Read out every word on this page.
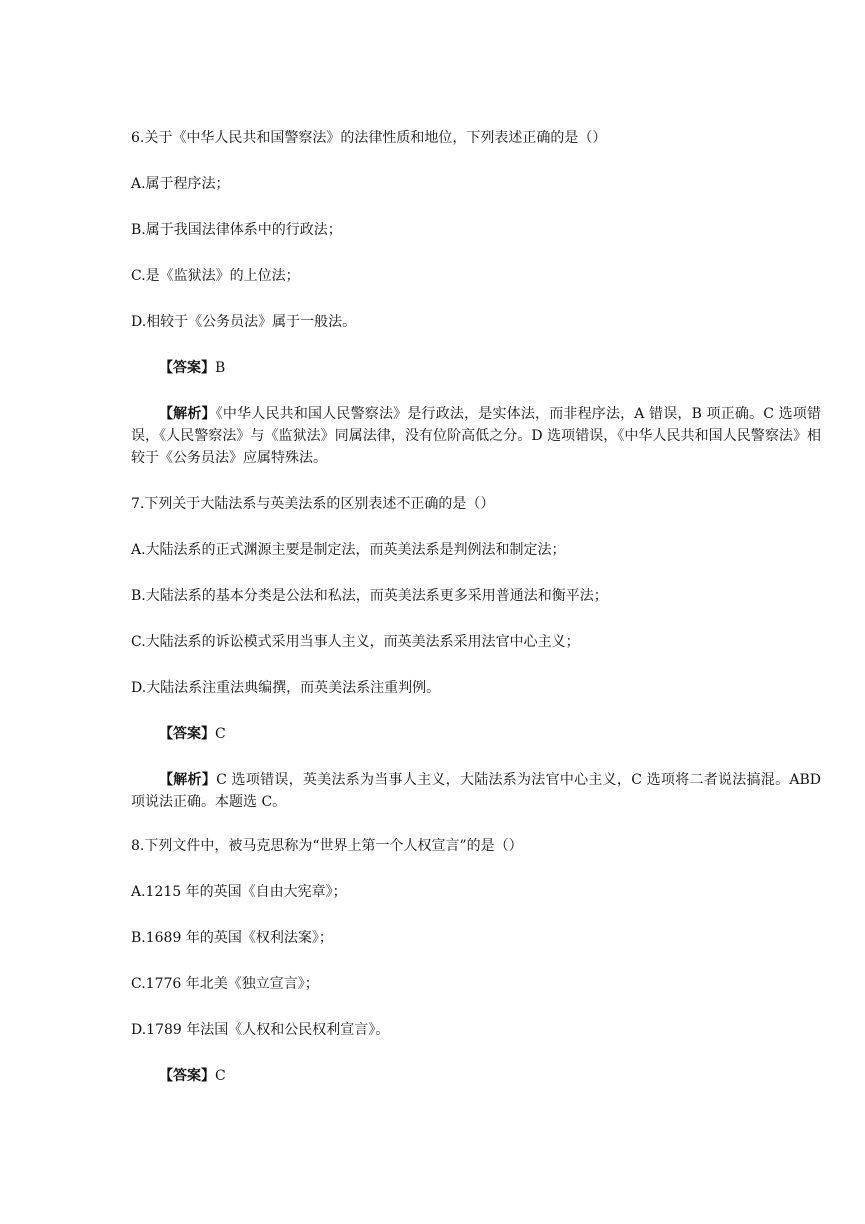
6.关于《中华人民共和国警察法》的法律性质和地位，下列表述正确的是（）

A.属于程序法；

B.属于我国法律体系中的行政法；

C.是《监狱法》的上位法；

D.相较于《公务员法》属于一般法。

【答案】B

【解析】《中华人民共和国人民警察法》是行政法，是实体法，而非程序法，A 错误，B 项正确。C 选项错误，《人民警察法》与《监狱法》同属法律，没有位阶高低之分。D 选项错误，《中华人民共和国人民警察法》相较于《公务员法》应属特殊法。

7.下列关于大陆法系与英美法系的区别表述不正确的是（）

A.大陆法系的正式渊源主要是制定法，而英美法系是判例法和制定法；

B.大陆法系的基本分类是公法和私法，而英美法系更多采用普通法和衡平法；

C.大陆法系的诉讼模式采用当事人主义，而英美法系采用法官中心主义；

D.大陆法系注重法典编撰，而英美法系注重判例。

【答案】C

【解析】C 选项错误，英美法系为当事人主义，大陆法系为法官中心主义，C 选项将二者说法搞混。ABD 项说法正确。本题选 C。

8.下列文件中，被马克思称为“世界上第一个人权宣言”的是（）

A.1215 年的英国《自由大宪章》；

B.1689 年的英国《权利法案》；

C.1776 年北美《独立宣言》；

D.1789 年法国《人权和公民权利宣言》。

【答案】C
